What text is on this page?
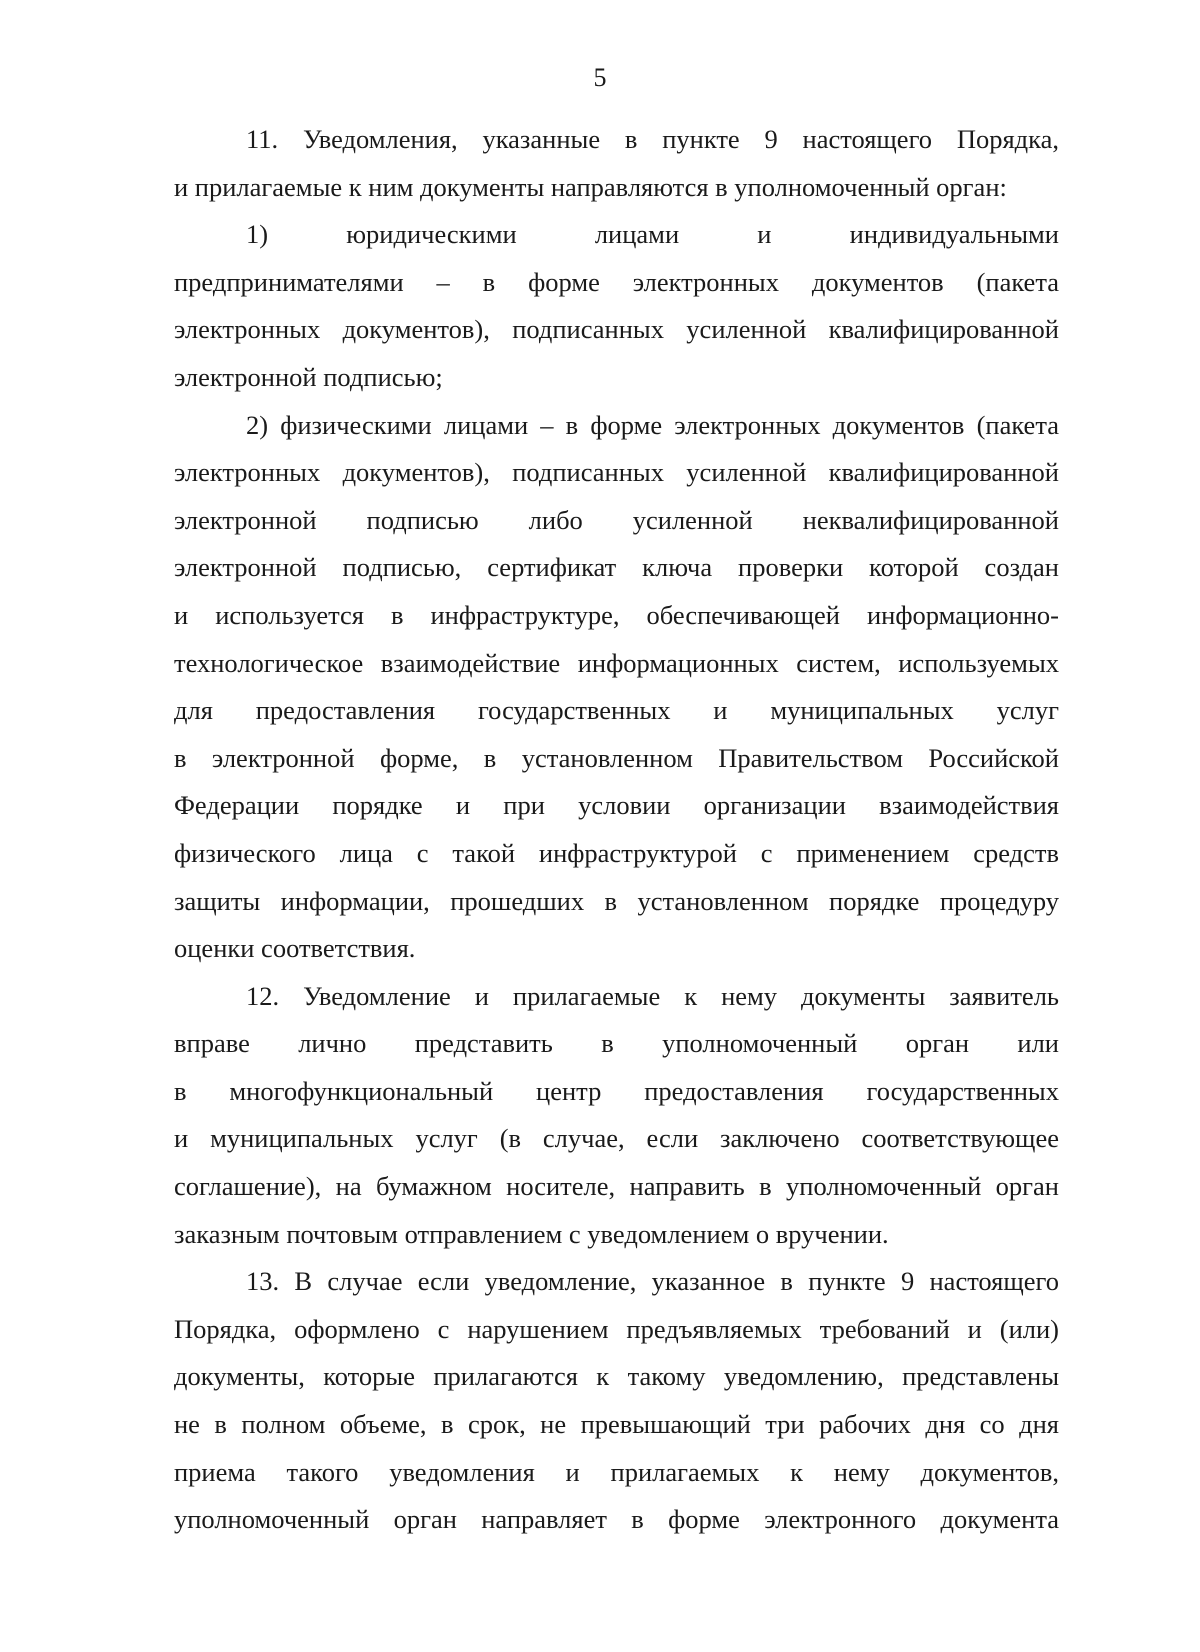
5
11. Уведомления, указанные в пункте 9 настоящего Порядка,
и прилагаемые к ним документы направляются в уполномоченный орган:
1) юридическими лицами и индивидуальными
предпринимателями – в форме электронных документов (пакета
электронных документов), подписанных усиленной квалифицированной
электронной подписью;
2) физическими лицами – в форме электронных документов (пакета
электронных документов), подписанных усиленной квалифицированной
электронной подписью либо усиленной неквалифицированной
электронной подписью, сертификат ключа проверки которой создан
и используется в инфраструктуре, обеспечивающей информационно-
технологическое взаимодействие информационных систем, используемых
для предоставления государственных и муниципальных услуг
в электронной форме, в установленном Правительством Российской
Федерации порядке и при условии организации взаимодействия
физического лица с такой инфраструктурой с применением средств
защиты информации, прошедших в установленном порядке процедуру
оценки соответствия.
12. Уведомление и прилагаемые к нему документы заявитель
вправе лично представить в уполномоченный орган или
в многофункциональный центр предоставления государственных
и муниципальных услуг (в случае, если заключено соответствующее
соглашение), на бумажном носителе, направить в уполномоченный орган
заказным почтовым отправлением с уведомлением о вручении.
13. В случае если уведомление, указанное в пункте 9 настоящего
Порядка, оформлено с нарушением предъявляемых требований и (или)
документы, которые прилагаются к такому уведомлению, представлены
не в полном объеме, в срок, не превышающий три рабочих дня со дня
приема такого уведомления и прилагаемых к нему документов,
уполномоченный орган направляет в форме электронного документа
